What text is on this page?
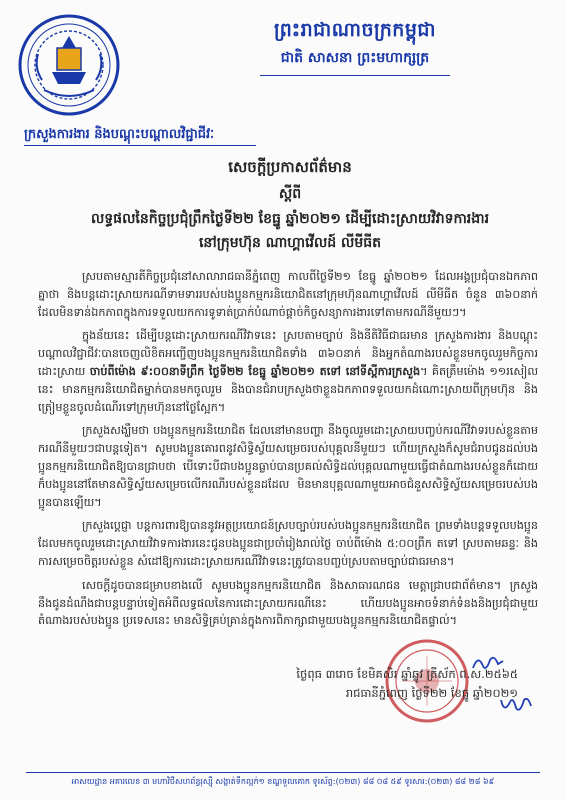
ព្រះរាជាណាចក្រកម្ពុជា
ជាតិ សាសនា ព្រះមហាក្សត្រ
ក្រសួងការងារ និងបណ្តុះបណ្តាលវិជ្ជាជីវៈ
សេចក្តីប្រកាសព័ត៌មាន
ស្តីពី
លទ្ធផលនៃកិច្ចប្រជុំព្រឹកថ្ងៃទី២២ ខែធ្នូ ឆ្នាំ២០២១ ដើម្បីដោះស្រាយវិវាទការងារ
នៅក្រុមហ៊ុន ណាហ្គាវើលដ៍ លីមីធីត

ស្របតាមស្មារតីកិច្ចប្រជុំនៅសាលារាជធានីភ្នំពេញ កាលពីថ្ងៃទី២១ ខែធ្នូ ឆ្នាំ២០២១ ដែលអង្គប្រជុំបានឯកភាពគ្នាថា និងបន្តដោះស្រាយករណីទាមទាររបស់បងប្អូនកម្មករនិយោជិតនៅក្រុមហ៊ុនណាហ្គាវើលដ៍ លីមីធីត ចំនួន ៣៦០នាក់ ដែលមិនទាន់ឯកភាពក្នុងការទទួលយកការទូទាត់ប្រាក់បំណាច់ផ្តាច់កិច្ចសន្យាការងារទៅតាមករណីនីមួយៗ។

ក្នុងន័យនេះ ដើម្បីបន្តដោះស្រាយករណីវិវាទនេះ ស្របតាមច្បាប់ និងនីតិវិធីជាធរមាន ក្រសួងការងារ និងបណ្តុះបណ្តាលវិជ្ជាជីវៈបានចេញលិខិតអញ្ជើញបងប្អូនកម្មករនិយោជិតទាំង ៣៦០នាក់ និងអ្នកតំណាងរបស់ខ្លួនមកចូលរួមកិច្ចការដោះស្រាយ ចាប់ពីម៉ោង ៩:០០នាទីព្រឹក ថ្ងៃទី២២ ខែធ្នូ ឆ្នាំ២០២១ តទៅ នៅទីស្តីការក្រសួង។ គិតត្រឹមម៉ោង ១១រសៀល នេះ មានកម្មករនិយោជិតម្នាក់បានមកចូលរួម និងបានជំរាបក្រសួងថាខ្លួនឯកភាពទទួលយកដំណោះស្រាយពីក្រុមហ៊ុន និងត្រៀមខ្លួនចូលដំណើរទៅក្រុមហ៊ុននៅថ្ងៃស្អែក។

ក្រសួងសង្ឃឹមថា បងប្អូនកម្មករនិយោជិត ដែលនៅមានបញ្ហា នឹងចូលរួមដោះស្រាយបញ្ចប់ករណីវិវាទរបស់ខ្លួនតាមករណីនីមួយៗជាបន្តទៀត។ សូមបងប្អូនគោរពនូវសិទ្ធិស្វ័យសម្រេចរបស់បុគ្គលនីមួយៗ ហើយក្រសួងក៏សូមជំរាបជូនដល់បងប្អូនកម្មករនិយោជិតឱ្យបានជ្រាបថា បើទោះបីជាបងប្អូនធ្លាប់បានប្រគល់សិទ្ធិដល់បុគ្គលណាមួយធ្វើជាតំណាងរបស់ខ្លួនក៏ដោយ ក៏បងប្អូននៅតែមានសិទ្ធិស្វ័យសម្រេចលើករណីរបស់ខ្លួនដដែល មិនមានបុគ្គលណាមួយអាចជំនួសសិទ្ធិស្វ័យសម្រេចរបស់បងប្អូនបានឡើយ។

ក្រសួងប្តេជ្ញា បន្តការពារឱ្យបាននូវអត្ថប្រយោជន៍ស្របច្បាប់របស់បងប្អូនកម្មករនិយោជិត ព្រមទាំងបន្តទទួលបងប្អូនដែលមកចូលរួមដោះស្រាយវិវាទការងារនេះជូនបងប្អូនជាប្រចាំរៀងរាល់ថ្ងៃ ចាប់ពីម៉ោង ៥:០០ព្រឹក តទៅ ស្របតាមឆន្ទៈ និងការសម្រេចចិត្តរបស់ខ្លួន សំដៅឱ្យការដោះស្រាយករណីវិវាទនេះត្រូវបានបញ្ចប់ស្របតាមច្បាប់ជាធរមាន។

សេចក្តីដូចបានជម្រាបខាងលើ សូមបងប្អូនកម្មករនិយោជិត និងសាធារណជន មេត្តាជ្រាបជាព័ត៌មាន។ ក្រសួងនឹងជូនដំណឹងជាបន្តបន្ទាប់ទៀតអំពីលទ្ធផលនៃការដោះស្រាយករណីនេះ ហើយបងប្អូនអាចទំនាក់ទំនងនិងប្រជុំជាមួយតំណាងរបស់បងប្អូន ប្រទេសនេះ មានសិទ្ធិគ្រប់គ្រាន់ក្នុងការពិភាក្សាជាមួយបងប្អូនកម្មករនិយោជិតផ្ទាល់។

ថ្ងៃពុធ ៣រោច ខែមិគសិរ ឆ្នាំឆ្លូវ ត្រីស័ក ព.ស.២៥៦៥
រាជធានីភ្នំពេញ ថ្ងៃទី២២ ខែធ្នូ ឆ្នាំ២០២១
អាសយដ្ឋាន អគារលេខ ៣ មហាវិថីសហព័ន្ធរុស្ស៊ី សង្កាត់ទឹកល្អក់១ ខណ្ឌទួលគោក ទូរស័ព្ទ:(០២៣) ៨៨ ០៨ ៥៩ ទូរសារ:(០២៣) ៨៨ ២៨ ៦៩
